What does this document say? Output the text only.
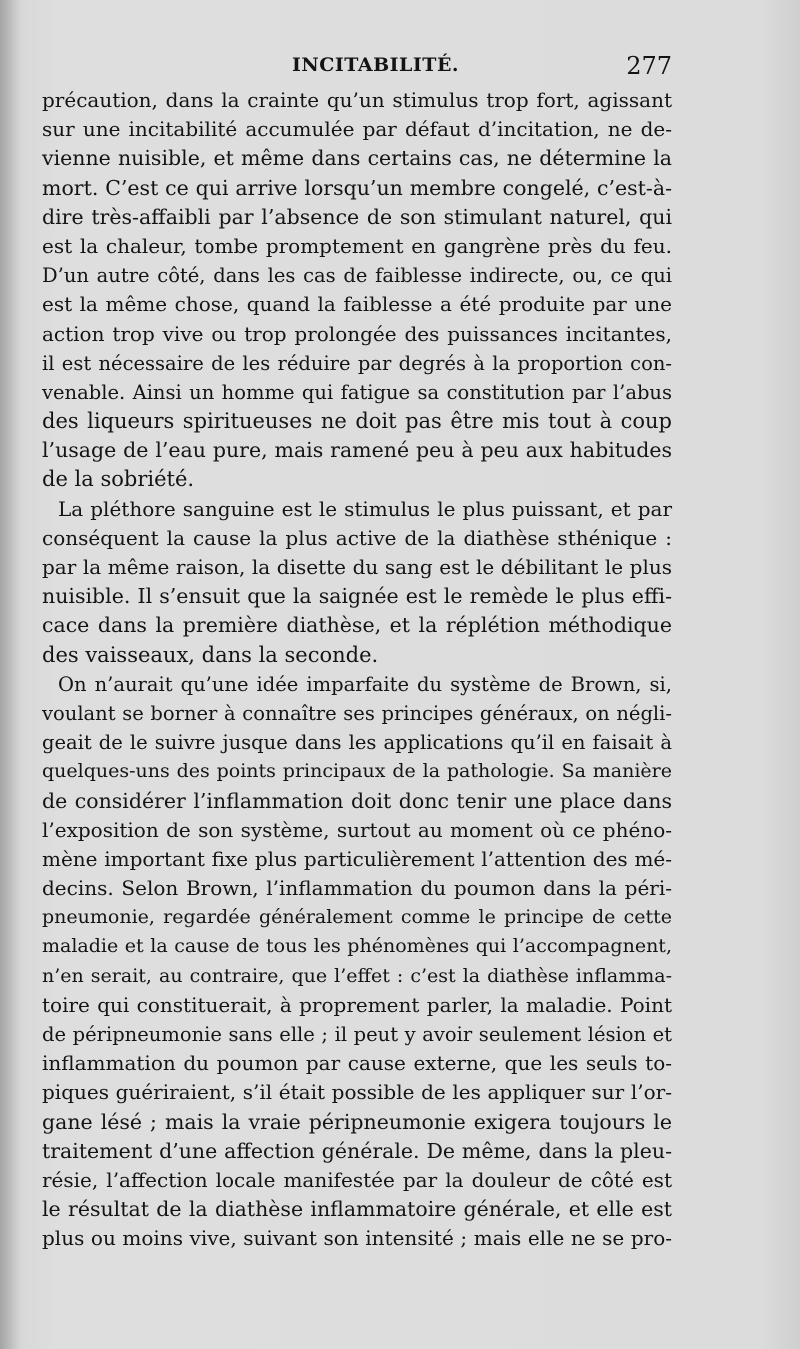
INCITABILITÉ.	277
précaution, dans la crainte qu’un stimulus trop fort, agissant
sur une incitabilité accumulée par défaut d’incitation, ne de-
vienne nuisible, et même dans certains cas, ne détermine la
mort. C’est ce qui arrive lorsqu’un membre congelé, c’est-à-
dire très-affaibli par l’absence de son stimulant naturel, qui
est la chaleur, tombe promptement en gangrène près du feu.
D’un autre côté, dans les cas de faiblesse indirecte, ou, ce qui
est la même chose, quand la faiblesse a été produite par une
action trop vive ou trop prolongée des puissances incitantes,
il est nécessaire de les réduire par degrés à la proportion con-
venable. Ainsi un homme qui fatigue sa constitution par l’abus
des liqueurs spiritueuses ne doit pas être mis tout à coup
l’usage de l’eau pure, mais ramené peu à peu aux habitudes
de la sobriété.
La pléthore sanguine est le stimulus le plus puissant, et par
conséquent la cause la plus active de la diathèse sthénique :
par la même raison, la disette du sang est le débilitant le plus
nuisible. Il s’ensuit que la saignée est le remède le plus effi-
cace dans la première diathèse, et la réplétion méthodique
des vaisseaux, dans la seconde.
On n’aurait qu’une idée imparfaite du système de Brown, si,
voulant se borner à connaître ses principes généraux, on négli-
geait de le suivre jusque dans les applications qu’il en faisait à
quelques-uns des points principaux de la pathologie. Sa manière
de considérer l’inflammation doit donc tenir une place dans
l’exposition de son système, surtout au moment où ce phéno-
mène important fixe plus particulièrement l’attention des mé-
decins. Selon Brown, l’inflammation du poumon dans la péri-
pneumonie, regardée généralement comme le principe de cette
maladie et la cause de tous les phénomènes qui l’accompagnent,
n’en serait, au contraire, que l’effet : c’est la diathèse inflamma-
toire qui constituerait, à proprement parler, la maladie. Point
de péripneumonie sans elle ; il peut y avoir seulement lésion et
inflammation du poumon par cause externe, que les seuls to-
piques guériraient, s’il était possible de les appliquer sur l’or-
gane lésé ; mais la vraie péripneumonie exigera toujours le
traitement d’une affection générale. De même, dans la pleu-
résie, l’affection locale manifestée par la douleur de côté est
le résultat de la diathèse inflammatoire générale, et elle est
plus ou moins vive, suivant son intensité ; mais elle ne se pro-
